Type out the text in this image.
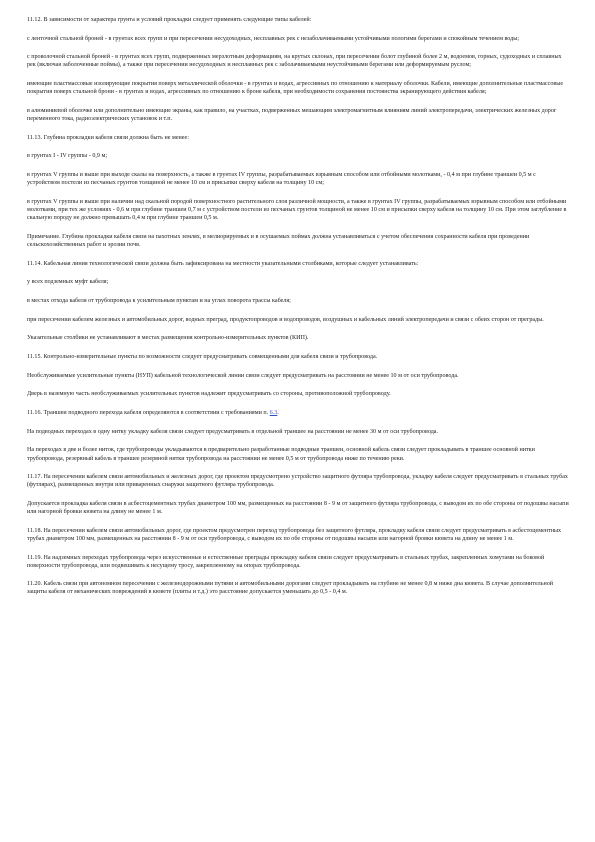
11.12. В зависимости от характера грунта и условий прокладки следует применять следующие типы кабелей:

с ленточной стальной броней - в грунтах всех групп и при пересечении несудоходных, несплавных рек с незаболачиваемыми устойчивыми пологими берегами и спокойным течением воды;

с проволочной стальной броней - в грунтах всех групп, подверженных мерзлотным деформациям, на крутых склонах, при пересечении болот глубиной более 2 м, водоемов, горных, судоходных и сплавных рек (включая заболоченные поймы), а также при пересечении несудоходных и несплавных рек с заболачиваемыми неустойчивыми берегами или деформируемым руслом;

имеющие пластмассовые изолирующие покрытия поверх металлической оболочки - в грунтах и водах, агрессивных по отношению к материалу оболочки. Кабели, имеющие дополнительные пластмассовые покрытия поверх стальной брони - в грунтах и водах, агрессивных по отношению к броне кабеля, при необходимости сохранения постоянства экранирующего действия кабеля;

в алюминиевой оболочке или дополнительно имеющие экраны, как правило, на участках, подверженных мешающим электромагнитным влияниям линий электропередачи, электрических железных дорог переменного тока, радиоэлектрических установок и т.п.

11.13. Глубина прокладки кабеля связи должна быть не менее:

в грунтах I - IV группы - 0,9 м;

в грунтах V группы и выше при выходе скалы на поверхность, а также в грунтах IV группы, разрабатываемых взрывным способом или отбойными молотками, - 0,4 м при глубине траншеи 0,5 м с устройством постели из песчаных грунтов толщиной не менее 10 см и присыпки сверху кабеля на толщину 10 см;

в грунтах V группы и выше при наличии над скальной породой поверхностного растительного слоя различной мощности, а также в грунтах IV группы, разрабатываемых взрывным способом или отбойными молотками, при тех же условиях - 0,6 м при глубине траншеи 0,7 м с устройством постели из песчаных грунтов толщиной не менее 10 см и присыпки сверху кабеля на толщину 10 см. При этом заглубление в скальную породу не должно превышать 0,4 м при глубине траншеи 0,5 м.

Примечание. Глубина прокладки кабеля связи на пахотных землях, в мелиорируемых и в осушаемых поймах должна устанавливаться с учетом обеспечения сохранности кабеля при проведении сельскохозяйственных работ и эрозии почв.

11.14. Кабельная линия технологической связи должна быть зафиксирована на местности указательными столбиками, которые следует устанавливать:

у всех подземных муфт кабеля;

в местах отхода кабеля от трубопровода к усилительным пунктам и на углах поворота трассы кабеля;

при пересечении кабелем железных и автомобильных дорог, водных преград, продуктопроводов и водопроводов, воздушных и кабельных линий электропередачи и связи с обеих сторон от преграды.

Указательные столбики не устанавливают в местах размещения контрольно-измерительных пунктов (КИП).

11.15. Контрольно-измерительные пункты по возможности следует предусматривать совмещенными для кабеля связи и трубопровода.

Необслуживаемые усилительные пункты (НУП) кабельной технологической линии связи следует предусматривать на расстоянии не менее 10 м от оси трубопровода.

Дверь в наземную часть необслуживаемых усилительных пунктов надлежит предусматривать со стороны, противоположной трубопроводу.

11.16. Траншеи подводного перехода кабеля определяются в соответствии с требованиями п. 6.3.

На подводных переходах в одну нитку укладку кабеля связи следует предусматривать в отдельной траншее на расстоянии не менее 30 м от оси трубопровода.

На переходах в две и более ниток, где трубопроводы укладываются в предварительно разработанные подводные траншеи, основной кабель связи следует прокладывать в траншее основной нитки трубопровода, резервный кабель в траншее резервной нитки трубопровода на расстоянии не менее 0,5 м от трубопровода ниже по течению реки.

11.17. На пересечении кабелем связи автомобильных и железных дорог, где проектом предусмотрено устройство защитного футляра трубопровода, укладку кабеля следует предусматривать в стальных трубах (футлярах), размещенных внутри или приваренных снаружи защитного футляра трубопровода.

Допускается прокладка кабеля связи в асбестоцементных трубах диаметром 100 мм, размещенных на расстоянии 8 - 9 м от защитного футляра трубопровода, с выводом их по обе стороны от подошвы насыпи или нагорной бровки кювета на длину не менее 1 м.

11.18. На пересечении кабелем связи автомобильных дорог, где проектом предусмотрен переход трубопровода без защитного футляра, прокладку кабеля связи следует предусматривать в асбестоцементных трубах диаметром 100 мм, размещенных на расстоянии 8 - 9 м от оси трубопровода, с выводом их по обе стороны от подошвы насыпи или нагорной бровки кювета на длину не менее 1 м.

11.19. На надземных переходах трубопровода через искусственные и естественные преграды прокладку кабеля связи следует предусматривать в стальных трубах, закрепленных хомутами на боковой поверхности трубопровода, или подвешивать к несущему тросу, закрепленному на опорах трубопровода.

11.20. Кабель связи при автономном пересечении с железнодорожными путями и автомобильными дорогами следует прокладывать на глубине не менее 0,8 м ниже дна кювета. В случае дополнительной защиты кабеля от механических повреждений в кювете (плиты и т.д.) это расстояние допускается уменьшать до 0,5 - 0,4 м.
